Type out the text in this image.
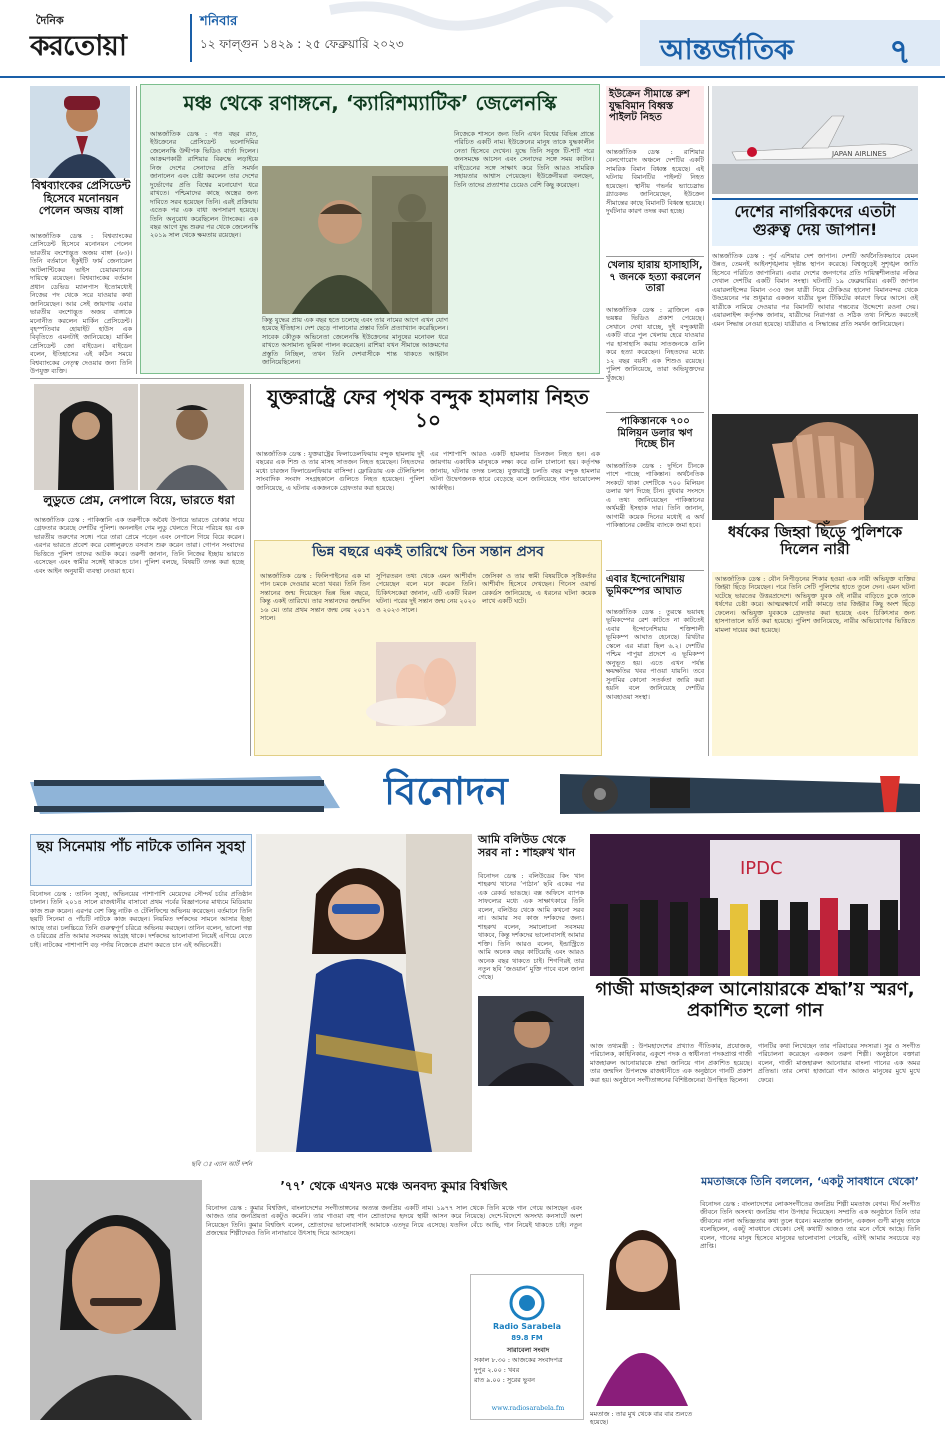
দৈনিক
করতোয়া
শনিবার
১২ ফাল্গুন ১৪২৯ : ২৫ ফেব্রুয়ারি ২০২৩	আন্তর্জাতিক	৭
বিশ্বব্যাংকের প্রেসিডেন্ট হিসেবে মনোনয়ন পেলেন অজয় বাঙ্গা
আন্তর্জাতিক ডেস্ক : বিশ্বব্যাংকের প্রেসিডেন্ট হিসেবে মনোনয়ন পেলেন ভারতীয় বংশোদ্ভূত অজয় বাঙ্গা (৬৩)। তিনি বর্তমানে ইকুইটি ফার্ম জেনারেল আটলান্টিকের ভাইস চেয়ারম্যানের দায়িত্বে রয়েছেন। বিশ্বব্যাংকের বর্তমান প্রধান ডেভিড ম্যালপাস ইতোমধ্যেই নিজের পদ থেকে সরে যাওয়ার কথা জানিয়েছেন। আর সেই জায়গায় এবার ভারতীয় বংশোদ্ভূত অজয় বাঙ্গাকে মনোনীত করলেন মার্কিন প্রেসিডেন্ট। বৃহস্পতিবার হোয়াইট হাউস এক বিবৃতিতে এমনটাই জানিয়েছে। মার্কিন প্রেসিডেন্ট জো বাইডেন। বাইডেন বলেন, ইতিহাসের এই কঠিন সময়ে বিশ্বব্যাংকের নেতৃত্ব দেওয়ার জন্য তিনি উপযুক্ত ব্যক্তি।
মঞ্চ থেকে রণাঙ্গনে, ‘ক্যারিশম্যাটিক’ জেলেনস্কি
আন্তর্জাতিক ডেস্ক : গত বছর রাত, ইউক্রেনের প্রেসিডেন্ট ভলোদিমির জেলেনস্কি উদ্দীপক ভিডিও বার্তা দিলেন। আক্রমণকারী রাশিয়ার বিরুদ্ধে লড়াইয়ে নিজ দেশের সেনাদের প্রতি সমর্থন জানালেন এবং চেষ্টা করলেন তার দেশের দুর্ভোগের প্রতি বিশ্বের মনোযোগ ধরে রাখতে। পশ্চিমাদের কাছে অস্ত্রের জন্য দাবিতে সরব হয়েছেন তিনি। এরই প্রক্রিয়ায় এতেক পর এক বাধা অপসারণ হয়েছে। তিনি অনুরোধ করেছিলেন ট্যাংকের। এক বছর আগে যুদ্ধ শুরুর পর থেকে জেলেনস্কি ২০১৯ সাল থেকে ক্ষমতায় রয়েছেন।
কিন্তু যুদ্ধের প্রায় এক বছর হতে চলেছে এবং তার নামের আগে এখন যোগ হয়েছে ইতিহাস। দেশ ছেড়ে পালানোর প্রস্তাব তিনি প্রত্যাখ্যান করেছিলেন। সাবেক কৌতুক অভিনেতা জেলেনস্কি ইউক্রেনের মানুষের মনোবল ধরে রাখতে অসামান্য ভূমিকা পালন করেছেন। রাশিয়া যখন সীমান্তে আক্রমণের প্রস্তুতি নিচ্ছিল, তখন তিনি দেশবাসীকে শান্ত থাকতে আহ্বান জানিয়েছিলেন।
নিজেকে শাসনে জন্য তিনি এখন বিশ্বের বিভিন্ন প্রান্তে পরিচিত একটি নাম। ইউক্রেনের মানুষ তাকে যুদ্ধকালীন নেতা হিসেবে দেখেন। যুদ্ধে তিনি সবুজ টি-শার্ট পরে জনসমক্ষে আসেন এবং সেনাদের সঙ্গে সময় কাটান। বাইডেনের সঙ্গে সাক্ষাৎ করে তিনি আরও সামরিক সহায়তার আশ্বাস পেয়েছেন। ইউক্রেনীয়রা বলছেন, তিনি তাদের প্রত্যাশার চেয়েও বেশি কিছু করেছেন।
ইউক্রেন সীমান্তে রুশ যুদ্ধবিমান বিধ্বস্ত পাইলট নিহত
আন্তর্জাতিক ডেস্ক : রাশিয়ার বেলগোরোদ অঞ্চলে দেশটির একটি সামরিক বিমান বিধ্বস্ত হয়েছে। এই ঘটনায় বিমানটির পাইলট নিহত হয়েছেন। স্থানীয় গভর্নর ভ্যাচেস্লাভ গ্ল্যাডকভ জানিয়েছেন, ইউক্রেন সীমান্তের কাছে বিমানটি বিধ্বস্ত হয়েছে। দুর্ঘটনার কারণ তদন্ত করা হচ্ছে।
খেলায় হারায় হাসাহাসি, ৭ জনকে হত্যা করলেন তারা
আন্তর্জাতিক ডেস্ক : ব্রাজিলে এক ভয়ঙ্কর ভিডিও প্রকাশ পেয়েছে। সেখানে দেখা যাচ্ছে, দুই বন্দুকধারী একটি বারে পুল খেলায় হেরে যাওয়ার পর হাসাহাসি করায় সাতজনকে গুলি করে হত্যা করেছেন। নিহতদের মধ্যে ১২ বছর বয়সী এক শিশুও রয়েছে। পুলিশ জানিয়েছে, তারা অভিযুক্তদের খুঁজছে।
পাকিস্তানকে ৭০০ মিলিয়ন ডলার ঋণ দিচ্ছে চীন
আন্তর্জাতিক ডেস্ক : দুর্দিনে চীনকে পাশে পাচ্ছে পাকিস্তান। অর্থনৈতিক সংকটে থাকা দেশটিকে ৭০০ মিলিয়ন ডলার ঋণ দিচ্ছে চীন। বুধবার সংসদে এ তথ্য জানিয়েছেন পাকিস্তানের অর্থমন্ত্রী ইসহাক দার। তিনি জানান, আগামী কয়েক দিনের মধ্যেই এ অর্থ পাকিস্তানের কেন্দ্রীয় ব্যাংকে জমা হবে।
এবার ইন্দোনেশিয়ায় ভূমিকম্পের আঘাত
আন্তর্জাতিক ডেস্ক : তুরস্কে ভয়াবহ ভূমিকম্পের রেশ কাটতে না কাটতেই এবার ইন্দোনেশিয়ায় শক্তিশালী ভূমিকম্প আঘাত হেনেছে। রিখটার স্কেলে এর মাত্রা ছিল ৬.২। দেশটির পশ্চিম পাপুয়া প্রদেশে এ ভূমিকম্প অনুভূত হয়। এতে এখন পর্যন্ত ক্ষয়ক্ষতির খবর পাওয়া যায়নি। তবে সুনামির কোনো সতর্কতা জারি করা হয়নি বলে জানিয়েছে দেশটির আবহাওয়া সংস্থা।
JAPAN AIRLINES
দেশের নাগরিকদের এতটা গুরুত্ব দেয় জাপান!
আন্তর্জাতিক ডেস্ক : পূর্ব এশিয়ার দেশ জাপান। দেশটি অর্থনৈতিকভাবে যেমন উন্নত, তেমনই আইনশৃঙ্খলায় দৃষ্টান্ত স্থাপন করেছে। বিশ্বজুড়েই সুশৃঙ্খল জাতি হিসেবে পরিচিত জাপানিরা। এবার দেশের জনগণের প্রতি দায়িত্বশীলতার নজির দেখাল দেশটির একটি বিমান সংস্থা। ঘটনাটি ১৯ ফেব্রুয়ারির। একটি জাপান এয়ারলাইন্সের বিমান ৩৩৫ জন যাত্রী নিয়ে টোকিওর হানেদা বিমানবন্দর থেকে উড্ডয়নের পর শুধুমাত্র একজন যাত্রীর ভুল টিকিটের কারণে ফিরে আসে। ওই যাত্রীকে নামিয়ে দেওয়ার পর বিমানটি আবার গন্তব্যের উদ্দেশ্যে রওনা দেয়। এয়ারলাইন্স কর্তৃপক্ষ জানায়, যাত্রীদের নিরাপত্তা ও সঠিক তথ্য নিশ্চিত করতেই এমন সিদ্ধান্ত নেওয়া হয়েছে। যাত্রীরাও এ সিদ্ধান্তের প্রতি সমর্থন জানিয়েছেন।
লুডুতে প্রেম, নেপালে বিয়ে, ভারতে ধরা
আন্তর্জাতিক ডেস্ক : পাকিস্তানি এক তরুণীকে অবৈধ উপায়ে ভারতে ঢোকার দায়ে গ্রেফতার করেছে দেশটির পুলিশ। অনলাইন গেম লুডু খেলতে গিয়ে পরিচয় হয় এক ভারতীয় তরুণের সঙ্গে। পরে তারা প্রেমে পড়েন এবং নেপালে গিয়ে বিয়ে করেন। এরপর ভারতে প্রবেশ করে বেঙ্গালুরুতে বসবাস শুরু করেন তারা। গোপন সংবাদের ভিত্তিতে পুলিশ তাদের আটক করে। তরুণী জানান, তিনি নিজের ইচ্ছায় ভারতে এসেছেন এবং স্বামীর সঙ্গেই থাকতে চান। পুলিশ বলছে, বিষয়টি তদন্ত করা হচ্ছে এবং আইন অনুযায়ী ব্যবস্থা নেওয়া হবে।
যুক্তরাষ্ট্রে ফের পৃথক বন্দুক হামলায় নিহত ১০
আন্তর্জাতিক ডেস্ক : যুক্তরাষ্ট্রের ফিলাডেলফিয়ায় বন্দুক হামলায় দুই বছরের এক শিশু ও তার মাসহ সাতজন নিহত হয়েছেন। নিহতদের মধ্যে চারজন ফিলাডেলফিয়ার বাসিন্দা। ফ্লোরিডায় এক টেলিভিশন সাংবাদিক সংবাদ সংগ্রহকালে গুলিতে নিহত হয়েছেন। পুলিশ জানিয়েছে, এ ঘটনায় একজনকে গ্রেফতার করা হয়েছে।
এর পাশাপাশি আরও একটি হামলায় তিনজন নিহত হন। এক জায়গায় একাধিক মানুষকে লক্ষ্য করে গুলি চালানো হয়। কর্তৃপক্ষ জানায়, ঘটনার তদন্ত চলছে। যুক্তরাষ্ট্রে চলতি বছর বন্দুক হামলার ঘটনা উদ্বেগজনক হারে বেড়েছে বলে জানিয়েছে গান ভায়োলেন্স আর্কাইভ।
ভিন্ন বছরে একই তারিখে তিন সন্তান প্রসব
আন্তর্জাতিক ডেস্ক : ফিলিপাইনের এক মা পান চমকে দেওয়ার মতো খবর। তিনি তিন সন্তানের জন্ম দিয়েছেন ভিন্ন ভিন্ন বছরে, কিন্তু একই তারিখে। তার সন্তানদের জন্মদিন ১৬ মে। তার প্রথম সন্তান জন্ম নেয় ২০১৭ সালে।
সুপিরতরন তথ্য থেকে এমন আশীর্বাদ পেয়েছেন বলে মনে করেন তিনি। চিকিৎসকেরা জানান, এটি একটি বিরল ঘটনা। পরের দুই সন্তান জন্ম নেয় ২০২০ ও ২০২৩ সালে।
জেসিকা ও তার স্বামী বিষয়টিকে সৃষ্টিকর্তার আশীর্বাদ হিসেবে দেখছেন। গিনেস ওয়ার্ল্ড রেকর্ডস জানিয়েছে, এ ধরনের ঘটনা কয়েক লাখে একটি ঘটে।
ধর্ষকের জিহ্বা ছিঁড়ে পুলিশকে দিলেন নারী
আন্তর্জাতিক ডেস্ক : যৌন নিপীড়নের শিকার হওয়া এক নারী অভিযুক্ত ব্যক্তির জিহ্বা ছিঁড়ে নিয়েছেন। পরে তিনি সেটি পুলিশের হাতে তুলে দেন। এমন ঘটনা ঘটেছে ভারতের উত্তরপ্রদেশে। অভিযুক্ত যুবক ওই নারীর বাড়িতে ঢুকে তাকে ধর্ষণের চেষ্টা করে। আত্মরক্ষার্থে নারী কামড়ে তার জিহ্বার কিছু অংশ ছিঁড়ে ফেলেন। অভিযুক্ত যুবককে গ্রেফতার করা হয়েছে এবং চিকিৎসার জন্য হাসপাতালে ভর্তি করা হয়েছে। পুলিশ জানিয়েছে, নারীর অভিযোগের ভিত্তিতে মামলা দায়ের করা হয়েছে।
বিনোদন
ছয় সিনেমায় পাঁচ নাটকে তানিন সুবহা
বিনোদন ডেস্ক : তানিন সুবহা, অভিনয়ের পাশাপাশি মেয়েদের সৌন্দর্য চর্চার প্রতিষ্ঠান চালান। তিনি ২০১৪ সালে রাজধানীর বাসাবো প্রথম পর্বের বিজ্ঞাপনের মাধ্যমে মিডিয়ায় কাজ শুরু করেন। এরপর বেশ কিছু নাটক ও টেলিফিল্মে অভিনয় করেছেন। বর্তমানে তিনি ছয়টি সিনেমা ও পাঁচটি নাটকে কাজ করছেন। নিয়মিত দর্শকদের সামনে আসার ইচ্ছা আছে তার। চলচ্চিত্রে তিনি গুরুত্বপূর্ণ চরিত্রে অভিনয় করছেন। তানিন বলেন, ভালো গল্প ও চরিত্রের প্রতি আমার সবসময় আগ্রহ থাকে। দর্শকদের ভালোবাসা নিয়েই এগিয়ে যেতে চাই। নাটকের পাশাপাশি বড় পর্দায় নিজেকে প্রমাণ করতে চান এই অভিনেত্রী।
ছবি ঃ এ্যান আর্ট দর্শন
আমি বলিউড থেকে সরব না : শাহরুখ খান
বিনোদন ডেস্ক : বলিউডের কিং খান শাহরুখ খানের ‘পাঠান’ ছবি একের পর এক রেকর্ড ভাঙছে। বক্স অফিসে ব্যাপক সাফল্যের মধ্যে এক সাক্ষাৎকারে তিনি বলেন, বলিউড থেকে আমি কখনো সরব না। আমার সব কাজ দর্শকদের জন্য। শাহরুখ বলেন, সমালোচনা সবসময় থাকবে, কিন্তু দর্শকদের ভালোবাসাই আমার শক্তি। তিনি আরও বলেন, ইন্ডাস্ট্রিতে আমি অনেক বছর কাটিয়েছি এবং আরও অনেক বছর থাকতে চাই। শিগগিরই তার নতুন ছবি ‘জওয়ান’ মুক্তি পাবে বলে জানা গেছে।
IPDC
গাজী মাজহারুল আনোয়ারকে শ্রদ্ধা’য় স্মরণ, প্রকাশিত হলো গান
আজ তথ্যমন্ত্রী : উপমহাদেশের প্রখ্যাত গীতিকার, প্রযোজক, পরিচালক, কাহিনিকার, একুশে পদক ও স্বাধীনতা পদকপ্রাপ্ত গাজী মাজহারুল আনোয়ারকে শ্রদ্ধা জানিয়ে গান প্রকাশিত হয়েছে। তার জন্মদিন উপলক্ষে রাজধানীতে এক অনুষ্ঠানে গানটি প্রকাশ করা হয়। অনুষ্ঠানে সংগীতাঙ্গনের বিশিষ্টজনেরা উপস্থিত ছিলেন।
গানটির কথা লিখেছেন তার পরিবারের সদস্যরা। সুর ও সংগীত পরিচালনা করেছেন একজন তরুণ শিল্পী। অনুষ্ঠানে বক্তারা বলেন, গাজী মাজহারুল আনোয়ার বাংলা গানের এক অমর প্রতিভা। তার লেখা হাজারো গান আজও মানুষের মুখে মুখে ফেরে।
’৭৭’ থেকে এখনও মঞ্চে অনবদ্য কুমার বিশ্বজিৎ
বিনোদন ডেস্ক : কুমার বিশ্বজিৎ, বাংলাদেশের সংগীতাঙ্গনের অত্যন্ত জনপ্রিয় একটি নাম। ১৯৭৭ সাল থেকে তিনি মঞ্চে গান গেয়ে আসছেন এবং আজও তার জনপ্রিয়তা একটুও কমেনি। তার গাওয়া বহু গান শ্রোতাদের হৃদয়ে স্থায়ী আসন করে নিয়েছে। দেশে-বিদেশে অসংখ্য কনসার্টে অংশ নিয়েছেন তিনি। কুমার বিশ্বজিৎ বলেন, শ্রোতাদের ভালোবাসাই আমাকে এতদূর নিয়ে এসেছে। যতদিন বেঁচে আছি, গান নিয়েই থাকতে চাই। নতুন প্রজন্মের শিল্পীদেরও তিনি নানাভাবে উৎসাহ দিয়ে আসছেন।
Radio Sarabela
89.8 FM
সারাবেলা সংবাদ
সকাল ৮.৩০ : আজকের সংবাদপত্র
দুপুর ২.০০ : খবর
রাত ৯.০০ : সুরের ভুবন
www.radiosarabela.fm
মমতাজ : তার মুখ থেকে বার বার শুনতে হয়েছে।
মমতাজকে তিনি বললেন, ‘একটু সাবধানে থেকো’
বিনোদন ডেস্ক : বাংলাদেশের লোকসংগীতের জনপ্রিয় শিল্পী মমতাজ বেগম। দীর্ঘ সংগীত জীবনে তিনি অসংখ্য জনপ্রিয় গান উপহার দিয়েছেন। সম্প্রতি এক অনুষ্ঠানে তিনি তার জীবনের নানা অভিজ্ঞতার কথা তুলে ধরেন। মমতাজ জানান, একজন গুণী মানুষ তাকে বলেছিলেন, একটু সাবধানে থেকো। সেই কথাটি আজও তার মনে গেঁথে আছে। তিনি বলেন, গানের মানুষ হিসেবে মানুষের ভালোবাসা পেয়েছি, এটাই আমার সবচেয়ে বড় প্রাপ্তি।
